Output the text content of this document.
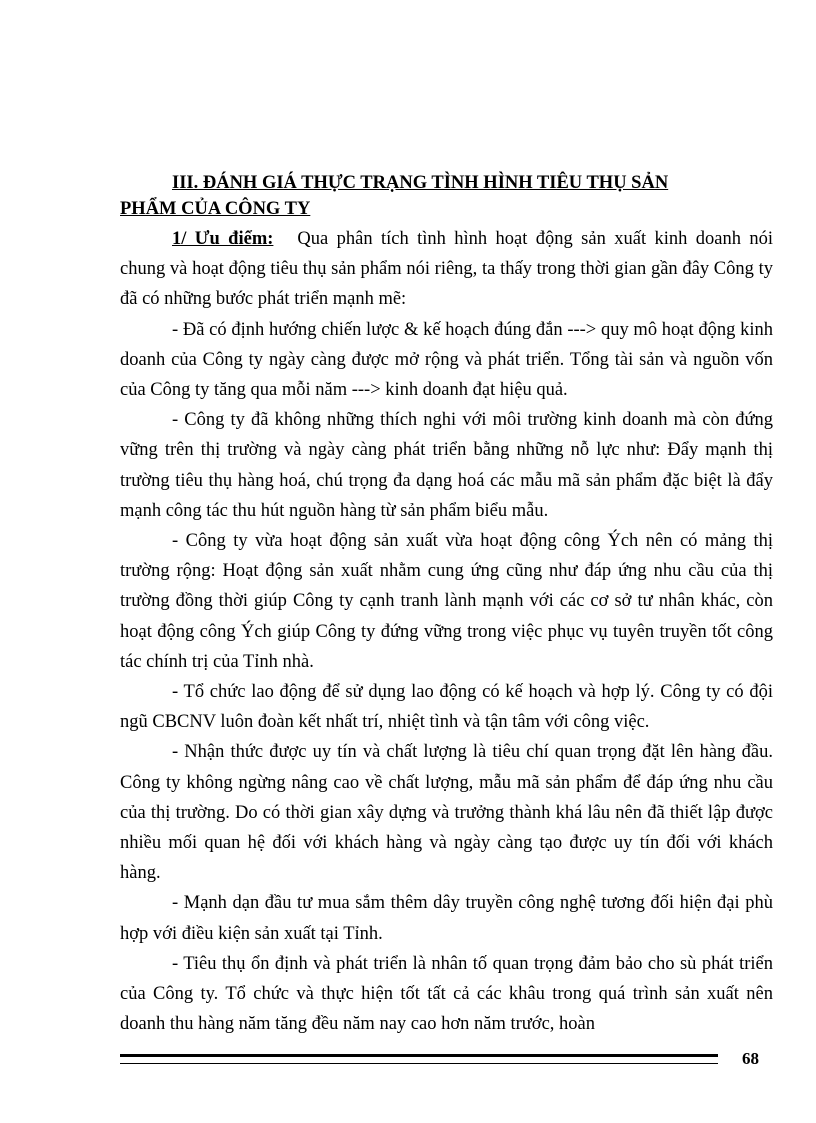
III. ĐÁNH GIÁ THỰC TRẠNG TÌNH HÌNH TIÊU THỤ SẢN
PHẨM CỦA CÔNG TY

1/ Ưu điểm: Qua phân tích tình hình hoạt động sản xuất kinh doanh nói chung và hoạt động tiêu thụ sản phẩm nói riêng, ta thấy trong thời gian gần đây Công ty đã có những bước phát triển mạnh mẽ:

- Đã có định hướng chiến lược & kế hoạch đúng đắn ---> quy mô hoạt động kinh doanh của Công ty ngày càng được mở rộng và phát triển. Tổng tài sản và nguồn vốn của Công ty tăng qua mỗi năm ---> kinh doanh đạt hiệu quả.

- Công ty đã không những thích nghi với môi trường kinh doanh mà còn đứng vững trên thị trường và ngày càng phát triển bằng những nỗ lực như: Đẩy mạnh thị trường tiêu thụ hàng hoá, chú trọng đa dạng hoá các mẫu mã sản phẩm đặc biệt là đẩy mạnh công tác thu hút nguồn hàng từ sản phẩm biểu mẫu.

- Công ty vừa hoạt động sản xuất vừa hoạt động công Ých nên có mảng thị trường rộng: Hoạt động sản xuất nhằm cung ứng cũng như đáp ứng nhu cầu của thị trường đồng thời giúp Công ty cạnh tranh lành mạnh với các cơ sở tư nhân khác, còn hoạt động công Ých giúp Công ty đứng vững trong việc phục vụ tuyên truyền tốt công tác chính trị của Tỉnh nhà.

- Tổ chức lao động để sử dụng lao động có kế hoạch và hợp lý. Công ty có đội ngũ CBCNV luôn đoàn kết nhất trí, nhiệt tình và tận tâm với công việc.

- Nhận thức được uy tín và chất lượng là tiêu chí quan trọng đặt lên hàng đầu. Công ty không ngừng nâng cao về chất lượng, mẫu mã sản phẩm để đáp ứng nhu cầu của thị trường. Do có thời gian xây dựng và trưởng thành khá lâu nên đã thiết lập được nhiều mối quan hệ đối với khách hàng và ngày càng tạo được uy tín đối với khách hàng.

- Mạnh dạn đầu tư mua sắm thêm dây truyền công nghệ tương đối hiện đại phù hợp với điều kiện sản xuất tại Tỉnh.

- Tiêu thụ ổn định và phát triển là nhân tố quan trọng đảm bảo cho sù phát triển của Công ty. Tổ chức và thực hiện tốt tất cả các khâu trong quá trình sản xuất nên doanh thu hàng năm tăng đều năm nay cao hơn năm trước, hoàn

68
